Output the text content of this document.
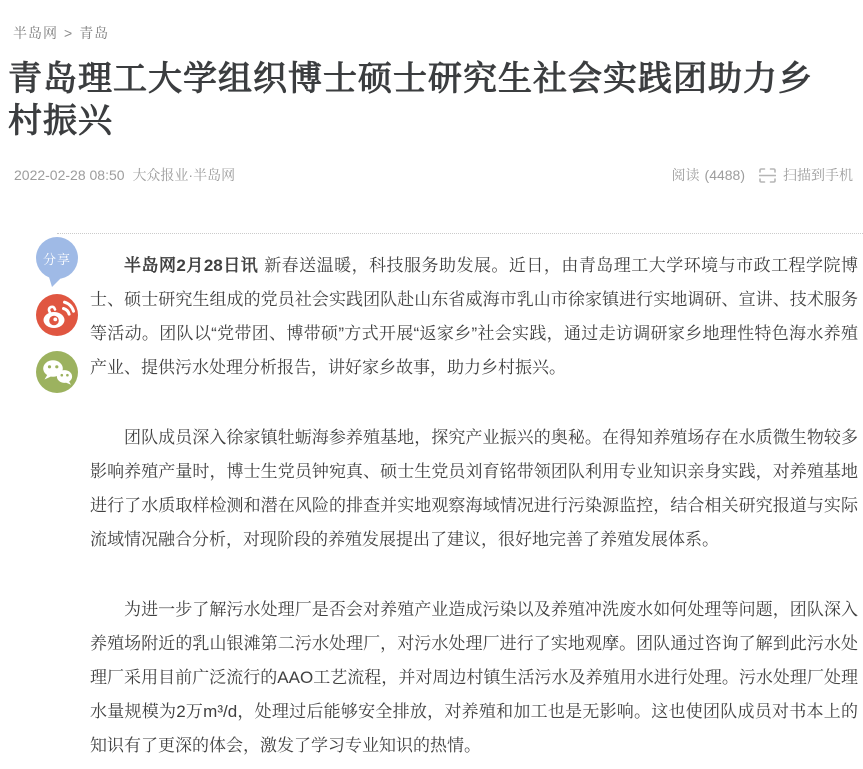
半岛网 > 青岛
青岛理工大学组织博士硕士研究生社会实践团助力乡村振兴
2022-02-28 08:50 大众报业·半岛网	阅读 (4488)	扫描到手机
分享	半岛网2月28日讯 新春送温暖，科技服务助发展。近日，由青岛理工大学环境与市政工程学院博士、硕士研究生组成的党员社会实践团队赴山东省威海市乳山市徐家镇进行实地调研、宣讲、技术服务等活动。团队以“党带团、博带硕”方式开展“返家乡”社会实践，通过走访调研家乡地理性特色海水养殖产业、提供污水处理分析报告，讲好家乡故事，助力乡村振兴。

团队成员深入徐家镇牡蛎海参养殖基地，探究产业振兴的奥秘。在得知养殖场存在水质微生物较多影响养殖产量时，博士生党员钟宛真、硕士生党员刘育铭带领团队利用专业知识亲身实践，对养殖基地进行了水质取样检测和潜在风险的排查并实地观察海域情况进行污染源监控，结合相关研究报道与实际流域情况融合分析，对现阶段的养殖发展提出了建议，很好地完善了养殖发展体系。

为进一步了解污水处理厂是否会对养殖产业造成污染以及养殖冲洗废水如何处理等问题，团队深入养殖场附近的乳山银滩第二污水处理厂，对污水处理厂进行了实地观摩。团队通过咨询了解到此污水处理厂采用目前广泛流行的AAO工艺流程，并对周边村镇生活污水及养殖用水进行处理。污水处理厂处理水量规模为2万m³/d，处理过后能够安全排放，对养殖和加工也是无影响。这也使团队成员对书本上的知识有了更深的体会，激发了学习专业知识的热情。
